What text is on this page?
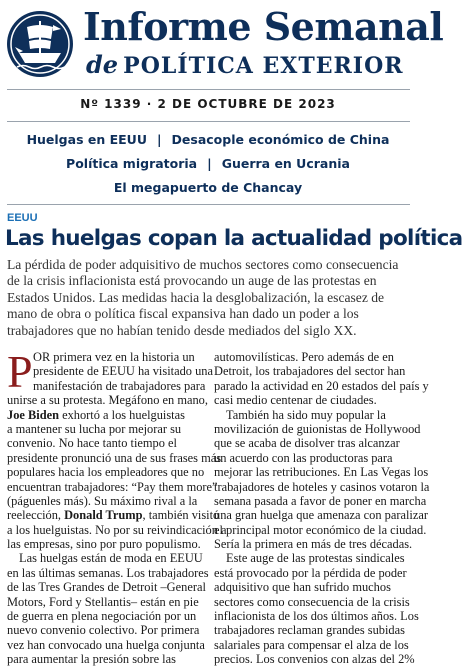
Informe Semanal
de POLÍTICA EXTERIOR
Nº 1339 · 2 DE OCTUBRE DE 2023
Huelgas en EEUU | Desacople económico de China
Política migratoria | Guerra en Ucrania
El megapuerto de Chancay
EEUU
Las huelgas copan la actualidad política

La pérdida de poder adquisitivo de muchos sectores como consecuencia de la crisis inflacionista está provocando un auge de las protestas en Estados Unidos. Las medidas hacia la desglobalización, la escasez de mano de obra o política fiscal expansiva han dado un poder a los trabajadores que no habían tenido desde mediados del siglo XX.

P OR primera vez en la historia un
presidente de EEUU ha visitado una
manifestación de trabajadores para
unirse a su protesta. Megáfono en mano,
Joe Biden exhortó a los huelguistas
a mantener su lucha por mejorar su
convenio. No hace tanto tiempo el
presidente pronunció una de sus frases más
populares hacia los empleadores que no
encuentran trabajadores: “Pay them more”
(páguenles más). Su máximo rival a la
reelección, Donald Trump, también visitó
a los huelguistas. No por su reivindicación a
las empresas, sino por puro populismo.
Las huelgas están de moda en EEUU
en las últimas semanas. Los trabajadores
de las Tres Grandes de Detroit –General
Motors, Ford y Stellantis– están en pie
de guerra en plena negociación por un
nuevo convenio colectivo. Por primera
vez han convocado una huelga conjunta
para aumentar la presión sobre las
automovilísticas. Pero además de en
Detroit, los trabajadores del sector han
parado la actividad en 20 estados del país y
casi medio centenar de ciudades.
También ha sido muy popular la
movilización de guionistas de Hollywood
que se acaba de disolver tras alcanzar
un acuerdo con las productoras para
mejorar las retribuciones. En Las Vegas los
trabajadores de hoteles y casinos votaron la
semana pasada a favor de poner en marcha
una gran huelga que amenaza con paralizar
el principal motor económico de la ciudad.
Sería la primera en más de tres décadas.
Este auge de las protestas sindicales
está provocado por la pérdida de poder
adquisitivo que han sufrido muchos
sectores como consecuencia de la crisis
inflacionista de los dos últimos años. Los
trabajadores reclaman grandes subidas
salariales para compensar el alza de los
precios. Los convenios con alzas del 2%
